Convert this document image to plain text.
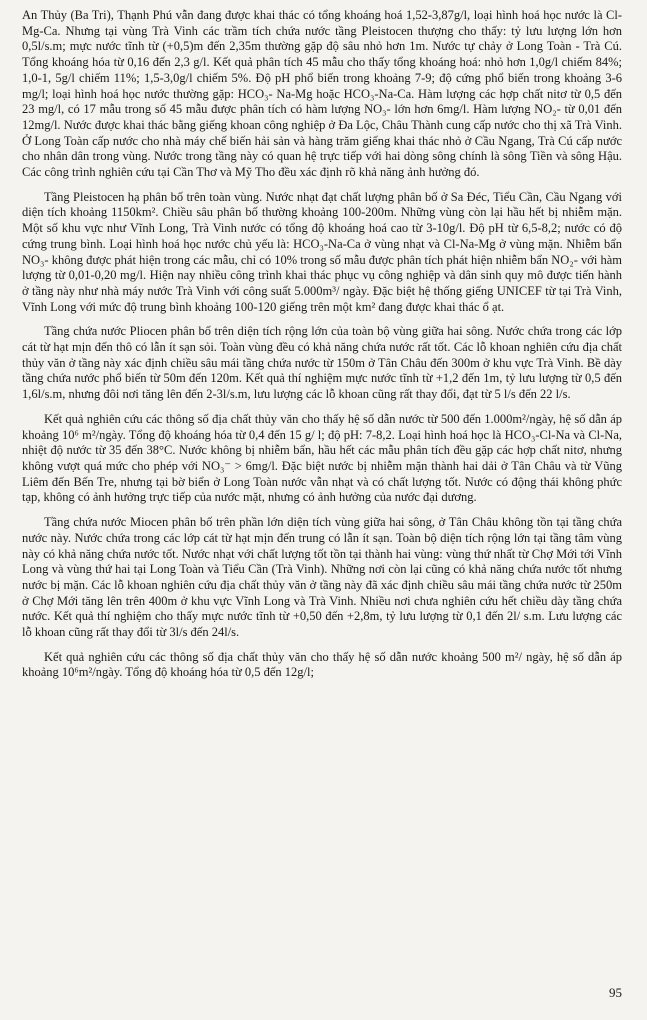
An Thủy (Ba Tri), Thạnh Phú vẫn đang được khai thác có tổng khoáng hoá 1,52-3,87g/l, loại hình hoá học nước là Cl-Mg-Ca. Nhưng tại vùng Trà Vinh các trầm tích chứa nước tầng Pleistocen thượng cho thấy: tỷ lưu lượng lớn hơn 0,5l/s.m; mực nước tĩnh từ (+0,5)m đến 2,35m thường gặp độ sâu nhỏ hơn 1m. Nước tự chảy ở Long Toàn - Trà Cú. Tổng khoáng hóa từ 0,16 đến 2,3 g/l. Kết quả phân tích 45 mẫu cho thấy tổng khoáng hoá: nhỏ hơn 1,0g/l chiếm 84%; 1,0-1, 5g/l chiếm 11%; 1,5-3,0g/l chiếm 5%. Độ pH phổ biến trong khoảng 7-9; độ cứng phổ biến trong khoảng 3-6 mg/l; loại hình hoá học nước thường gặp: HCO₃- Na-Mg hoặc HCO₃-Na-Ca. Hàm lượng các hợp chất nitơ từ 0,5 đến 23 mg/l, có 17 mẫu trong số 45 mẫu được phân tích có hàm lượng NO₃- lớn hơn 6mg/l. Hàm lượng NO₂- từ 0,01 đến 12mg/l. Nước được khai thác bằng giếng khoan công nghiệp ở Đa Lộc, Châu Thành cung cấp nước cho thị xã Trà Vinh. Ở Long Toàn cấp nước cho nhà máy chế biến hải sản và hàng trăm giếng khai thác nhỏ ở Cầu Ngang, Trà Cú cấp nước cho nhân dân trong vùng. Nước trong tầng này có quan hệ trực tiếp với hai dòng sông chính là sông Tiền và sông Hậu. Các công trình nghiên cứu tại Cần Thơ và Mỹ Tho đều xác định rõ khả năng ảnh hưởng đó.

Tầng Pleistocen hạ phân bố trên toàn vùng. Nước nhạt đạt chất lượng phân bố ở Sa Đéc, Tiểu Cần, Cầu Ngang với diện tích khoảng 1150km². Chiều sâu phân bố thường khoảng 100-200m. Những vùng còn lại hầu hết bị nhiễm mặn. Một số khu vực như Vĩnh Long, Trà Vinh nước có tổng độ khoáng hoá cao từ 3-10g/l. Độ pH từ 6,5-8,2; nước có độ cứng trung bình. Loại hình hoá học nước chủ yếu là: HCO₃-Na-Ca ở vùng nhạt và Cl-Na-Mg ở vùng mặn. Nhiễm bẩn NO₃- không được phát hiện trong các mẫu, chỉ có 10% trong số mẫu được phân tích phát hiện nhiễm bẩn NO₂- với hàm lượng từ 0,01-0,20 mg/l. Hiện nay nhiều công trình khai thác phục vụ công nghiệp và dân sinh quy mô được tiến hành ở tầng này như nhà máy nước Trà Vinh với công suất 5.000m³/ ngày. Đặc biệt hệ thống giếng UNICEF từ tại Trà Vinh, Vĩnh Long với mức độ trung bình khoảng 100-120 giếng trên một km² đang được khai thác ổ ạt.

Tầng chứa nước Pliocen phân bố trên diện tích rộng lớn của toàn bộ vùng giữa hai sông. Nước chứa trong các lớp cát từ hạt mịn đến thô có lẫn ít sạn sỏi. Toàn vùng đều có khả năng chứa nước rất tốt. Các lỗ khoan nghiên cứu địa chất thủy văn ở tầng này xác định chiều sâu mái tầng chứa nước từ 150m ở Tân Châu đến 300m ở khu vực Trà Vinh. Bề dày tầng chứa nước phổ biến từ 50m đến 120m. Kết quả thí nghiệm mực nước tĩnh từ +1,2 đến 1m, tỷ lưu lượng từ 0,5 đến 1,6l/s.m, nhưng đôi nơi tăng lên đến 2-3l/s.m, lưu lượng các lỗ khoan cũng rất thay đổi, đạt từ 5 l/s đến 22 l/s.

Kết quả nghiên cứu các thông số địa chất thủy văn cho thấy hệ số dẫn nước từ 500 đến 1.000m²/ngày, hệ số dẫn áp khoảng 10⁶ m²/ngày. Tổng độ khoáng hóa từ 0,4 đến 15 g/ l; độ pH: 7-8,2. Loại hình hoá học là HCO₃-Cl-Na và Cl-Na, nhiệt độ nước từ 35 đến 38°C. Nước không bị nhiễm bẩn, hầu hết các mẫu phân tích đều gặp các hợp chất nitơ, nhưng không vượt quá mức cho phép với NO₃⁻ > 6mg/l. Đặc biệt nước bị nhiễm mặn thành hai dải ở Tân Châu và từ Vũng Liêm đến Bến Tre, nhưng tại bờ biển ở Long Toàn nước vẫn nhạt và có chất lượng tốt. Nước có động thái không phức tạp, không có ảnh hưởng trực tiếp của nước mặt, nhưng có ảnh hưởng của nước đại dương.

Tầng chứa nước Miocen phân bố trên phần lớn diện tích vùng giữa hai sông, ở Tân Châu không tồn tại tầng chứa nước này. Nước chứa trong các lớp cát từ hạt mịn đến trung có lẫn ít sạn. Toàn bộ diện tích rộng lớn tại tầng tâm vùng này có khả năng chứa nước tốt. Nước nhạt với chất lượng tốt tồn tại thành hai vùng: vùng thứ nhất từ Chợ Mới tới Vĩnh Long và vùng thứ hai tại Long Toàn và Tiểu Cần (Trà Vinh). Những nơi còn lại cũng có khả năng chứa nước tốt nhưng nước bị mặn. Các lỗ khoan nghiên cứu địa chất thủy văn ở tầng này đã xác định chiều sâu mái tầng chứa nước từ 250m ở Chợ Mới tăng lên trên 400m ở khu vực Vĩnh Long và Trà Vinh. Nhiều nơi chưa nghiên cứu hết chiều dày tầng chứa nước. Kết quả thí nghiệm cho thấy mực nước tĩnh từ +0,50 đến +2,8m, tỷ lưu lượng từ 0,1 đến 2l/ s.m. Lưu lượng các lỗ khoan cũng rất thay đổi từ 3l/s đến 24l/s.

Kết quả nghiên cứu các thông số địa chất thủy văn cho thấy hệ số dẫn nước khoảng 500 m²/ ngày, hệ số dẫn áp khoảng 10⁶m²/ngày. Tổng độ khoáng hóa từ 0,5 đến 12g/l;

95
